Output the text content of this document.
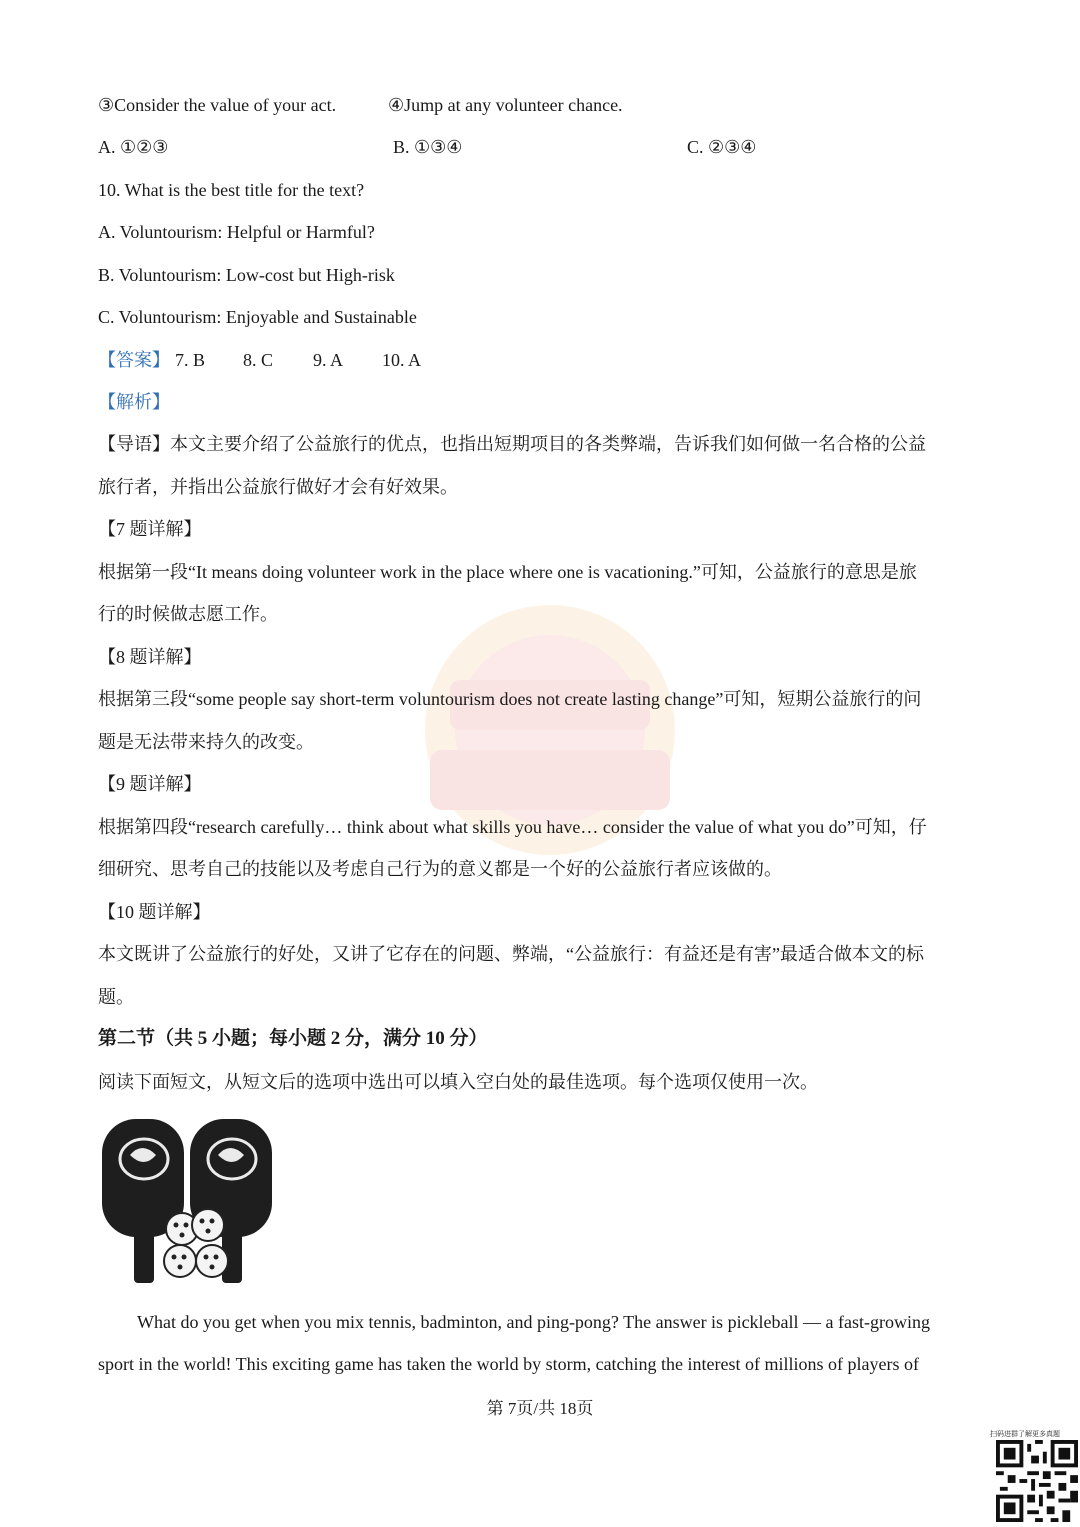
③Consider the value of your act.	④Jump at any volunteer chance.
A. ①②③	B. ①③④	C. ②③④
10. What is the best title for the text?
A. Voluntourism: Helpful or Harmful?
B. Voluntourism: Low-cost but High-risk
C. Voluntourism: Enjoyable and Sustainable
【答案】 7. B 8. C 9. A 10. A
【解析】
【导语】本文主要介绍了公益旅行的优点，也指出短期项目的各类弊端，告诉我们如何做一名合格的公益
旅行者，并指出公益旅行做好才会有好效果。
【7 题详解】
根据第一段“It means doing volunteer work in the place where one is vacationing.”可知，公益旅行的意思是旅
行的时候做志愿工作。
【8 题详解】
根据第三段“some people say short-term voluntourism does not create lasting change”可知，短期公益旅行的问
题是无法带来持久的改变。
【9 题详解】
根据第四段“research carefully… think about what skills you have… consider the value of what you do”可知，仔
细研究、思考自己的技能以及考虑自己行为的意义都是一个好的公益旅行者应该做的。
【10 题详解】
本文既讲了公益旅行的好处，又讲了它存在的问题、弊端，“公益旅行：有益还是有害”最适合做本文的标
题。
第二节（共 5 小题；每小题 2 分，满分 10 分）
阅读下面短文，从短文后的选项中选出可以填入空白处的最佳选项。每个选项仅使用一次。
What do you get when you mix tennis, badminton, and ping-pong? The answer is pickleball — a fast-growing
sport in the world! This exciting game has taken the world by storm, catching the interest of millions of players of
第 7页/共 18页
扫码进群了解更多真题
